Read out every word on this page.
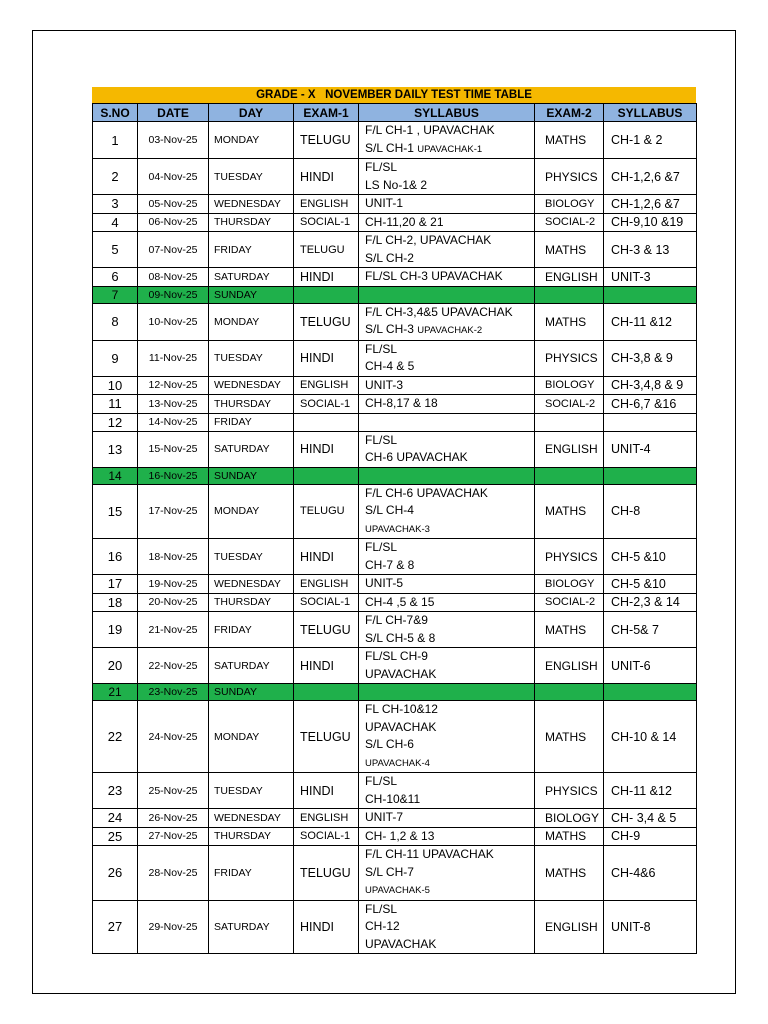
GRADE - X   NOVEMBER DAILY TEST TIME TABLE
S.NO	DATE	DAY	EXAM-1	SYLLABUS	EXAM-2	SYLLABUS
1	03-Nov-25	MONDAY	TELUGU	F/L CH-1 , UPAVACHAK
S/L CH-1 UPAVACHAK-1	MATHS	CH-1 & 2
2	04-Nov-25	TUESDAY	HINDI	FL/SL
LS No-1& 2	PHYSICS	CH-1,2,6 &7
3	05-Nov-25	WEDNESDAY	ENGLISH	UNIT-1	BIOLOGY	CH-1,2,6 &7
4	06-Nov-25	THURSDAY	SOCIAL-1	CH-11,20 & 21	SOCIAL-2	CH-9,10 &19
5	07-Nov-25	FRIDAY	TELUGU	F/L CH-2, UPAVACHAK
S/L CH-2	MATHS	CH-3 & 13
6	08-Nov-25	SATURDAY	HINDI	FL/SL CH-3 UPAVACHAK	ENGLISH	UNIT-3
7	09-Nov-25	SUNDAY				
8	10-Nov-25	MONDAY	TELUGU	F/L CH-3,4&5 UPAVACHAK
S/L CH-3 UPAVACHAK-2	MATHS	CH-11 &12
9	11-Nov-25	TUESDAY	HINDI	FL/SL
CH-4 & 5	PHYSICS	CH-3,8 & 9
10	12-Nov-25	WEDNESDAY	ENGLISH	UNIT-3	BIOLOGY	CH-3,4,8 & 9
11	13-Nov-25	THURSDAY	SOCIAL-1	CH-8,17 & 18	SOCIAL-2	CH-6,7 &16
12	14-Nov-25	FRIDAY				
13	15-Nov-25	SATURDAY	HINDI	FL/SL
CH-6 UPAVACHAK	ENGLISH	UNIT-4
14	16-Nov-25	SUNDAY				
15	17-Nov-25	MONDAY	TELUGU	F/L CH-6 UPAVACHAK
S/L CH-4
UPAVACHAK-3	MATHS	CH-8
16	18-Nov-25	TUESDAY	HINDI	FL/SL
CH-7 & 8	PHYSICS	CH-5 &10
17	19-Nov-25	WEDNESDAY	ENGLISH	UNIT-5	BIOLOGY	CH-5 &10
18	20-Nov-25	THURSDAY	SOCIAL-1	CH-4 ,5 & 15	SOCIAL-2	CH-2,3 & 14
19	21-Nov-25	FRIDAY	TELUGU	F/L CH-7&9
S/L CH-5 & 8	MATHS	CH-5& 7
20	22-Nov-25	SATURDAY	HINDI	FL/SL CH-9
UPAVACHAK	ENGLISH	UNIT-6
21	23-Nov-25	SUNDAY				
22	24-Nov-25	MONDAY	TELUGU	FL CH-10&12
UPAVACHAK
S/L CH-6
UPAVACHAK-4	MATHS	CH-10 & 14
23	25-Nov-25	TUESDAY	HINDI	FL/SL
CH-10&11	PHYSICS	CH-11 &12
24	26-Nov-25	WEDNESDAY	ENGLISH	UNIT-7	BIOLOGY	CH- 3,4 & 5
25	27-Nov-25	THURSDAY	SOCIAL-1	CH- 1,2 & 13	MATHS	CH-9
26	28-Nov-25	FRIDAY	TELUGU	F/L CH-11 UPAVACHAK
S/L CH-7
UPAVACHAK-5	MATHS	CH-4&6
27	29-Nov-25	SATURDAY	HINDI	FL/SL
CH-12
UPAVACHAK	ENGLISH	UNIT-8
